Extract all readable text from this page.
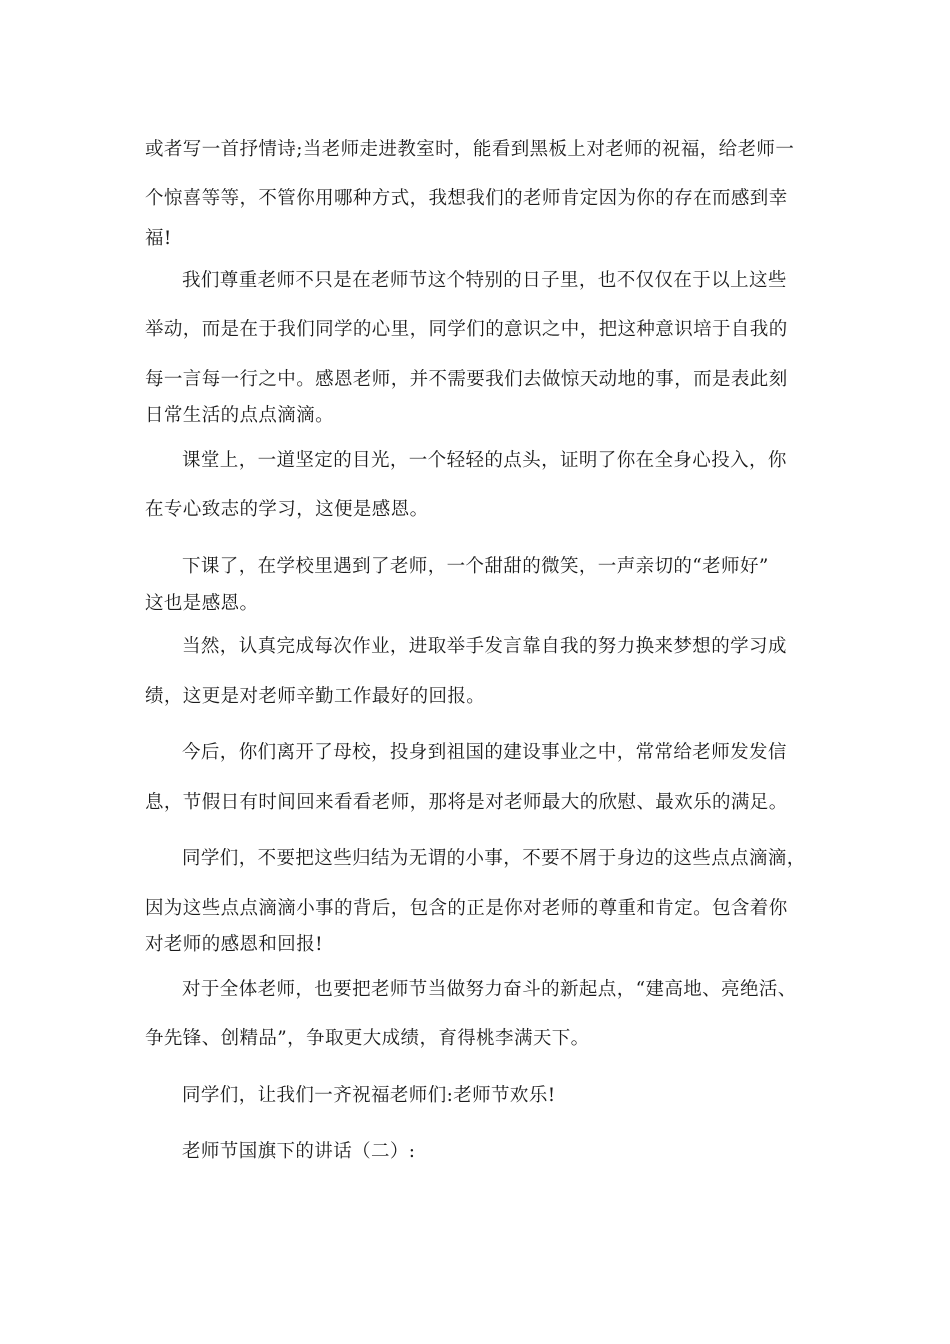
或者写一首抒情诗;当老师走进教室时，能看到黑板上对老师的祝福，给老师一
个惊喜等等，不管你用哪种方式，我想我们的老师肯定因为你的存在而感到幸
福!
我们尊重老师不只是在老师节这个特别的日子里，也不仅仅在于以上这些
举动，而是在于我们同学的心里，同学们的意识之中，把这种意识培于自我的
每一言每一行之中。感恩老师，并不需要我们去做惊天动地的事，而是表此刻
日常生活的点点滴滴。
课堂上，一道坚定的目光，一个轻轻的点头，证明了你在全身心投入，你
在专心致志的学习，这便是感恩。
下课了，在学校里遇到了老师，一个甜甜的微笑，一声亲切的“老师好”
这也是感恩。
当然，认真完成每次作业，进取举手发言靠自我的努力换来梦想的学习成
绩，这更是对老师辛勤工作最好的回报。
今后，你们离开了母校，投身到祖国的建设事业之中，常常给老师发发信
息，节假日有时间回来看看老师，那将是对老师最大的欣慰、最欢乐的满足。
同学们，不要把这些归结为无谓的小事，不要不屑于身边的这些点点滴滴，
因为这些点点滴滴小事的背后，包含的正是你对老师的尊重和肯定。包含着你
对老师的感恩和回报!
对于全体老师，也要把老师节当做努力奋斗的新起点，“建高地、亮绝活、
争先锋、创精品”，争取更大成绩，育得桃李满天下。
同学们，让我们一齐祝福老师们:老师节欢乐!
老师节国旗下的讲话（二）:
